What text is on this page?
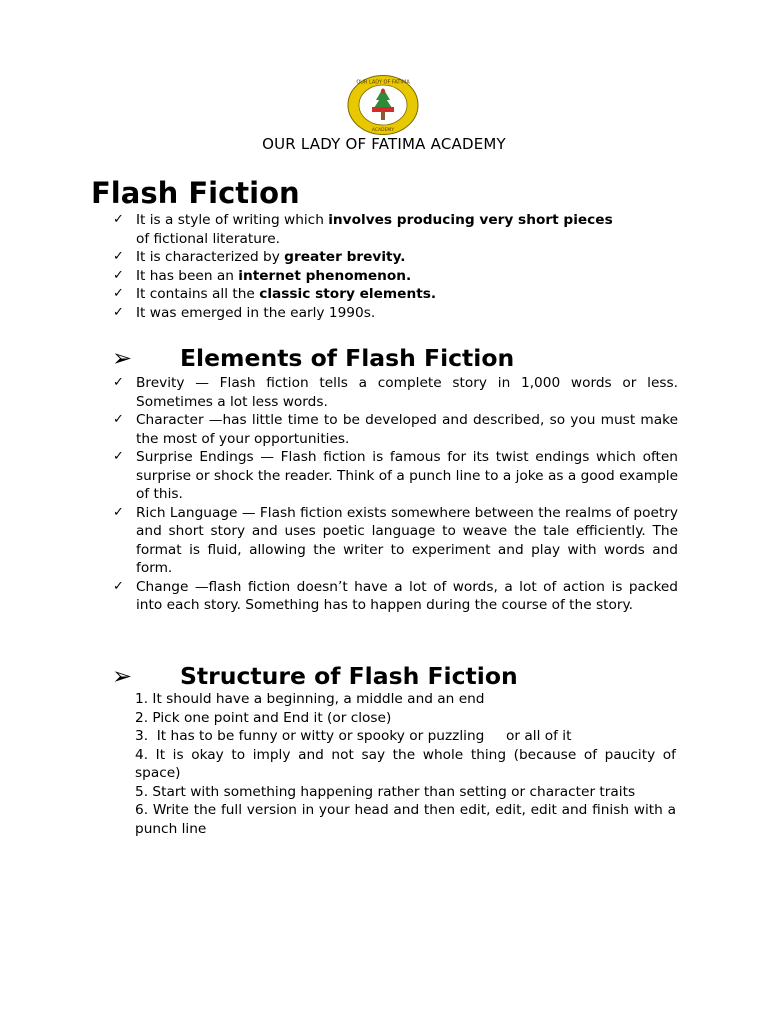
OUR LADY OF FATIMA
ACADEMY
OUR LADY OF FATIMA ACADEMY
Flash Fiction
✓ It is a style of writing which involves producing very short pieces
of fictional literature.
✓ It is characterized by greater brevity.
✓ It has been an internet phenomenon.
✓ It contains all the classic story elements.
✓ It was emerged in the early 1990s.
➢	Elements of Flash Fiction
✓ Brevity — Flash fiction tells a complete story in 1,000 words or less. Sometimes a lot less words.
✓ Character —has little time to be developed and described, so you must make the most of your opportunities.
✓ Surprise Endings — Flash fiction is famous for its twist endings which often surprise or shock the reader. Think of a punch line to a joke as a good example of this.
✓ Rich Language — Flash fiction exists somewhere between the realms of poetry and short story and uses poetic language to weave the tale efficiently. The format is fluid, allowing the writer to experiment and play with words and form.
✓ Change —flash fiction doesn’t have a lot of words, a lot of action is packed into each story. Something has to happen during the course of the story.
➢	Structure of Flash Fiction
1. It should have a beginning, a middle and an end
2. Pick one point and End it (or close)
3.  It has to be funny or witty or spooky or puzzling     or all of it
4. It is okay to imply and not say the whole thing (because of paucity of space)
5. Start with something happening rather than setting or character traits
6. Write the full version in your head and then edit, edit, edit and finish with a punch line
